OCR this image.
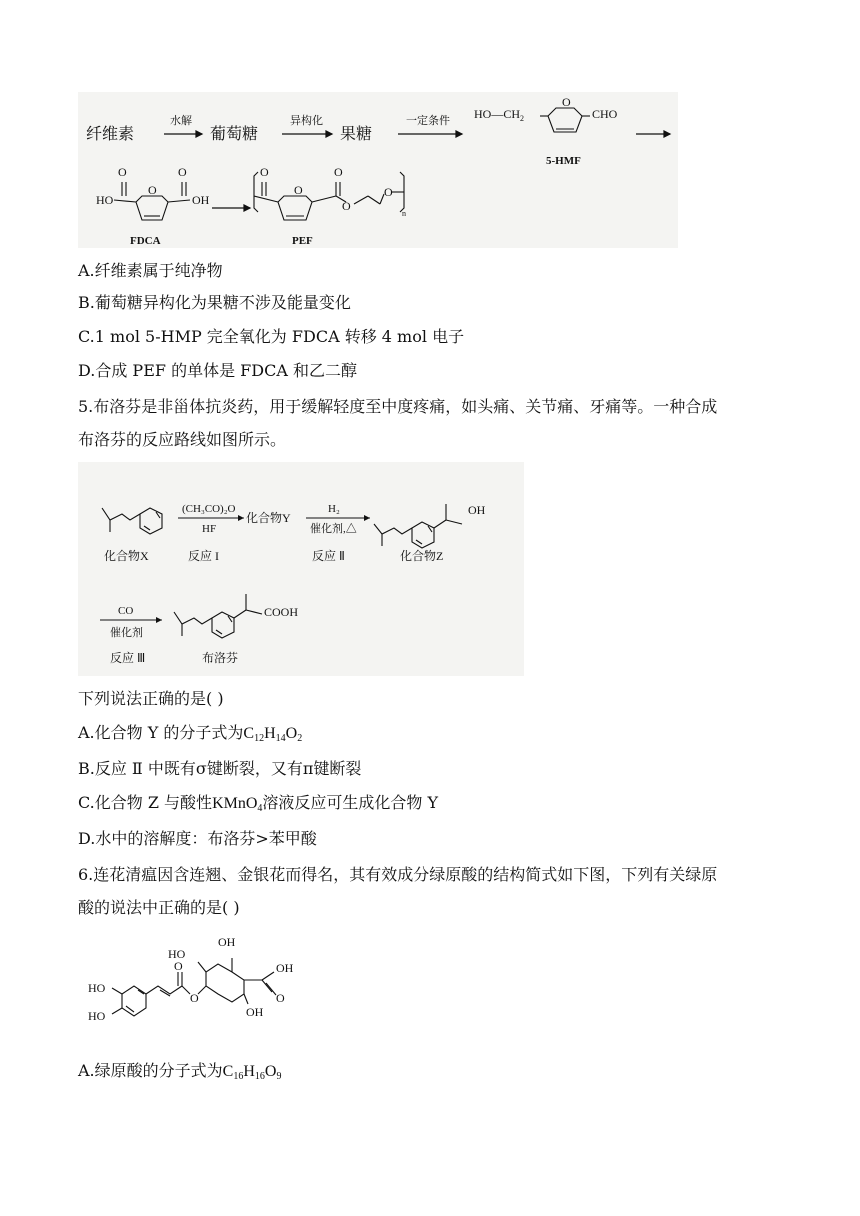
纤维素
水解
葡萄糖
异构化
果糖
一定条件 $HO—CH_2$
O
CHO
5-HMF
O	O
HO
O
OH
FDCA
O	O
O
O
O
n
PEF
A.纤维素属于纯净物
B.葡萄糖异构化为果糖不涉及能量变化
C.1 mol 5-HMP 完全氧化为 FDCA 转移 4 mol 电子
D.合成 PEF 的单体是 FDCA 和乙二醇
5.布洛芬是非甾体抗炎药，用于缓解轻度至中度疼痛，如头痛、关节痛、牙痛等。一种合成
布洛芬的反应路线如图所示。
(CH₃CO)₂O
HF
化合物Y
H₂
催化剂,△
OH
化合物X	反应 I	反应 Ⅱ	化合物Z
CO
催化剂
COOH
反应 Ⅲ	布洛芬
下列说法正确的是( )
A.化合物 Y 的分子式为$C_{12}H_{14}O_2$
B.反应 Ⅱ 中既有σ键断裂，又有π键断裂
C.化合物 Z 与酸性KMnO$_4$溶液反应可生成化合物 Y
D.水中的溶解度：布洛芬>苯甲酸
6.连花清瘟因含连翘、金银花而得名，其有效成分绿原酸的结构简式如下图，下列有关绿原
酸的说法中正确的是( )
HO
OH
HO
HO
O
O
OH
O
OH
A.绿原酸的分子式为$C_{16}H_{16}O_9$
